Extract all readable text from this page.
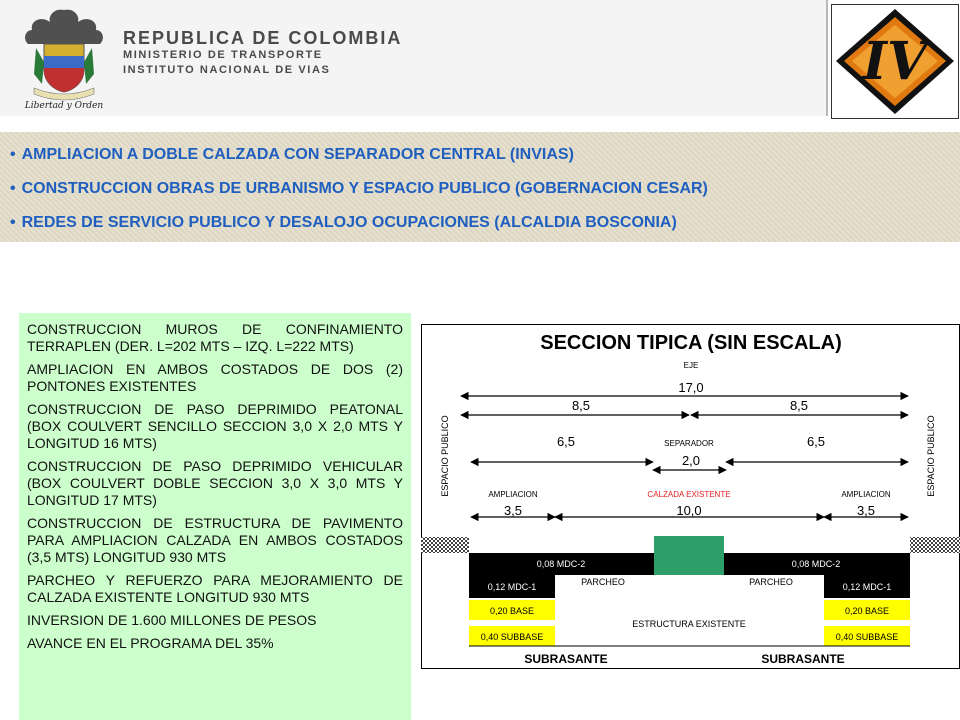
Libertad y Orden
REPUBLICA DE COLOMBIA
MINISTERIO DE TRANSPORTE
INSTITUTO NACIONAL DE VIAS	IV
• AMPLIACION A DOBLE CALZADA CON SEPARADOR CENTRAL (INVIAS)
• CONSTRUCCION OBRAS DE URBANISMO Y ESPACIO PUBLICO (GOBERNACION CESAR)
• REDES DE SERVICIO PUBLICO Y DESALOJO OCUPACIONES (ALCALDIA BOSCONIA)

CONSTRUCCION MUROS DE CONFINAMIENTO TERRAPLEN (DER. L=202 MTS – IZQ. L=222 MTS)

AMPLIACION EN AMBOS COSTADOS DE DOS (2) PONTONES EXISTENTES

CONSTRUCCION DE PASO DEPRIMIDO PEATONAL (BOX COULVERT SENCILLO SECCION 3,0 X 2,0 MTS Y LONGITUD 16 MTS)

CONSTRUCCION DE PASO DEPRIMIDO VEHICULAR (BOX COULVERT DOBLE SECCION 3,0 X 3,0 MTS Y LONGITUD 17 MTS)

CONSTRUCCION DE ESTRUCTURA DE PAVIMENTO PARA AMPLIACION CALZADA EN AMBOS COSTADOS (3,5 MTS) LONGITUD 930 MTS

PARCHEO Y REFUERZO PARA MEJORAMIENTO DE CALZADA EXISTENTE LONGITUD 930 MTS

INVERSION DE 1.600 MILLONES DE PESOS

AVANCE EN EL PROGRAMA DEL 35%

SECCION TIPICA (SIN ESCALA)
EJE
17,0
8,5	8,5
6,5	SEPARADOR	6,5
2,0
AMPLIACION	CALZADA EXISTENTE	AMPLIACION
3,5	10,0	3,5
ESPACIO PUBLICO	ESPACIO PUBLICO
0,08 MDC-2	0,08 MDC-2
0,12 MDC-1	0,12 MDC-1
PARCHEO	PARCHEO
0,20 BASE	0,20 BASE
ESTRUCTURA EXISTENTE
0,40 SUBBASE	0,40 SUBBASE
SUBRASANTE	SUBRASANTE
